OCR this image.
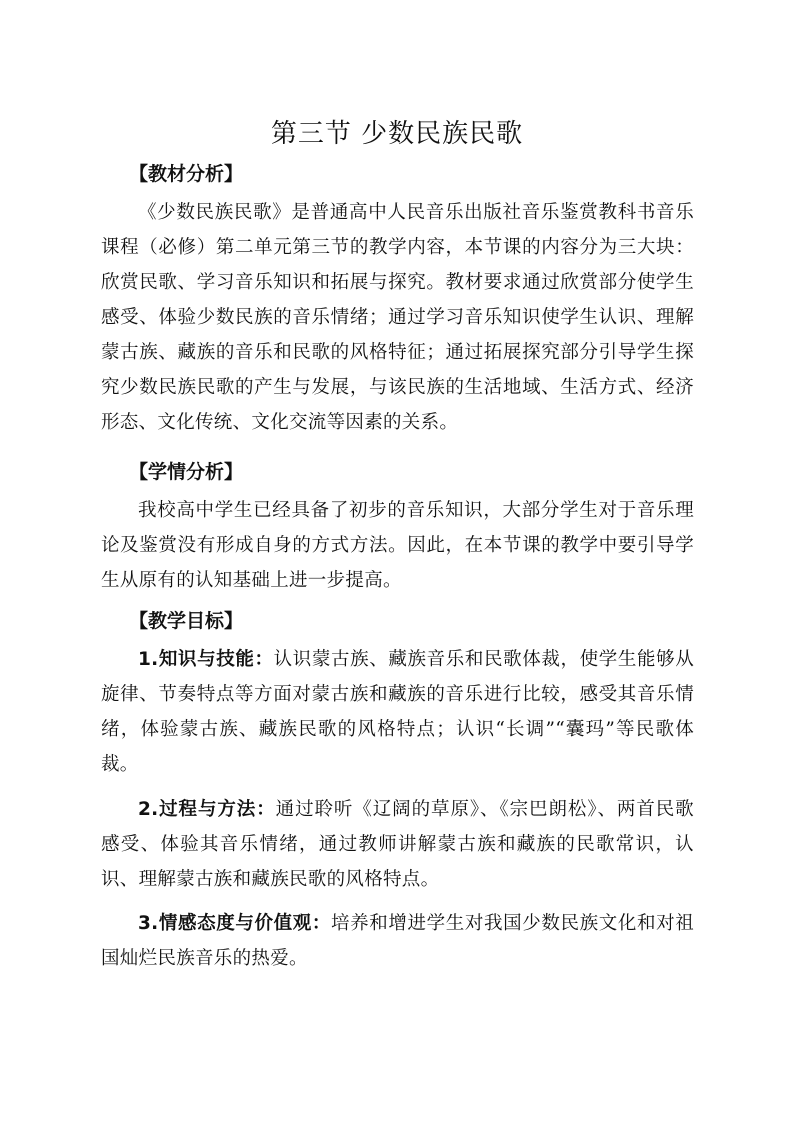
第三节 少数民族民歌
【教材分析】
《少数民族民歌》是普通高中人民音乐出版社音乐鉴赏教科书音乐课程（必修）第二单元第三节的教学内容，本节课的内容分为三大块：欣赏民歌、学习音乐知识和拓展与探究。教材要求通过欣赏部分使学生感受、体验少数民族的音乐情绪；通过学习音乐知识使学生认识、理解蒙古族、藏族的音乐和民歌的风格特征；通过拓展探究部分引导学生探究少数民族民歌的产生与发展，与该民族的生活地域、生活方式、经济形态、文化传统、文化交流等因素的关系。
【学情分析】
我校高中学生已经具备了初步的音乐知识，大部分学生对于音乐理论及鉴赏没有形成自身的方式方法。因此，在本节课的教学中要引导学生从原有的认知基础上进一步提高。
【教学目标】
1.知识与技能：认识蒙古族、藏族音乐和民歌体裁，使学生能够从旋律、节奏特点等方面对蒙古族和藏族的音乐进行比较，感受其音乐情绪，体验蒙古族、藏族民歌的风格特点；认识“长调”“囊玛”等民歌体裁。
2.过程与方法：通过聆听《辽阔的草原》、《宗巴朗松》、两首民歌感受、体验其音乐情绪，通过教师讲解蒙古族和藏族的民歌常识，认识、理解蒙古族和藏族民歌的风格特点。
3.情感态度与价值观：培养和增进学生对我国少数民族文化和对祖国灿烂民族音乐的热爱。
